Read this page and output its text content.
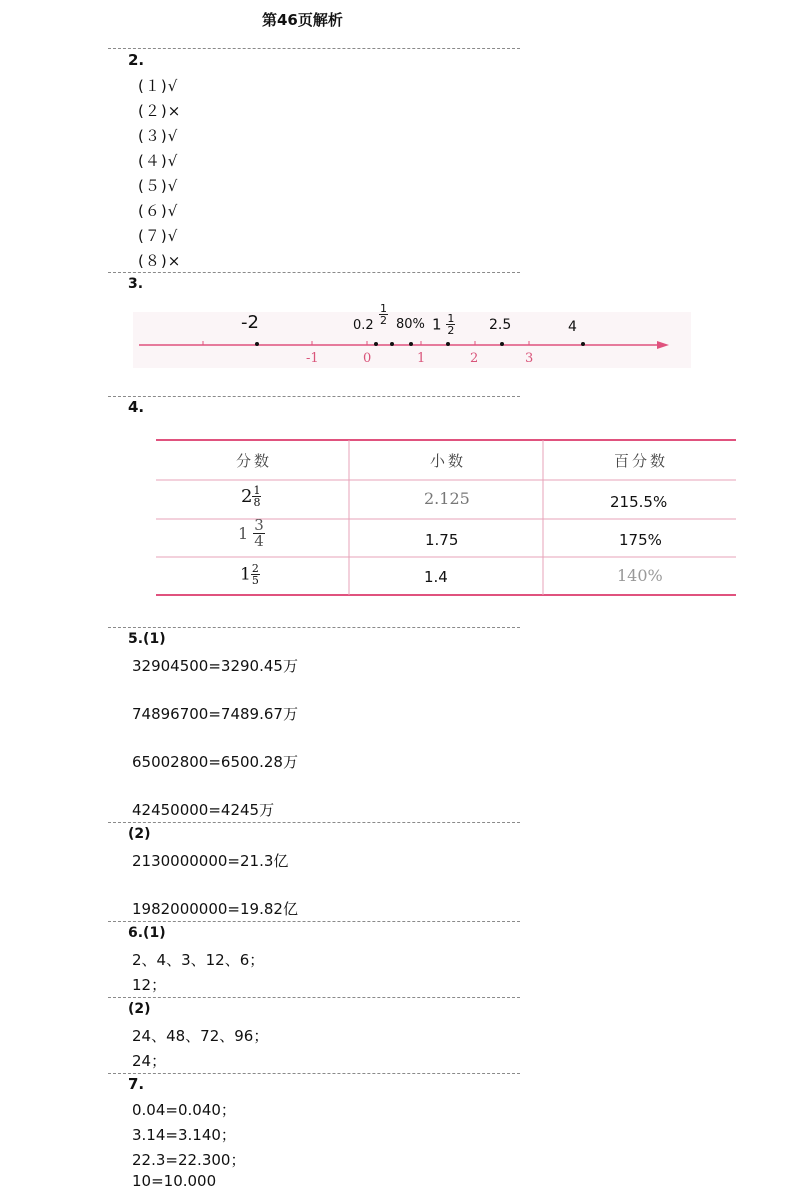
第46页解析
2.
(１)√
(２)×
(３)√
(４)√
(５)√
(６)√
(７)√
(８)×
3.
-1	0	1	2	3
-2	$0.2 \frac{1}{2} 80\%$ $1 \frac{1}{2} 2.5$	4
4.
分数	小数	百分数
$2 \frac{1}{8}$	2.125	215.5%
$1 \frac{3}{4}$	1.75	175%
$1 \frac{2}{5}$	1.4	140%
5.(1)
32904500=3290.45万
74896700=7489.67万
65002800=6500.28万
42450000=4245万
(2)
2130000000=21.3亿
1982000000=19.82亿
6.(1)
2、4、3、12、6；
12；
(2)
24、48、72、96；
24；
7.
0.04=0.040；
3.14=3.140；
22.3=22.300；
10=10.000
